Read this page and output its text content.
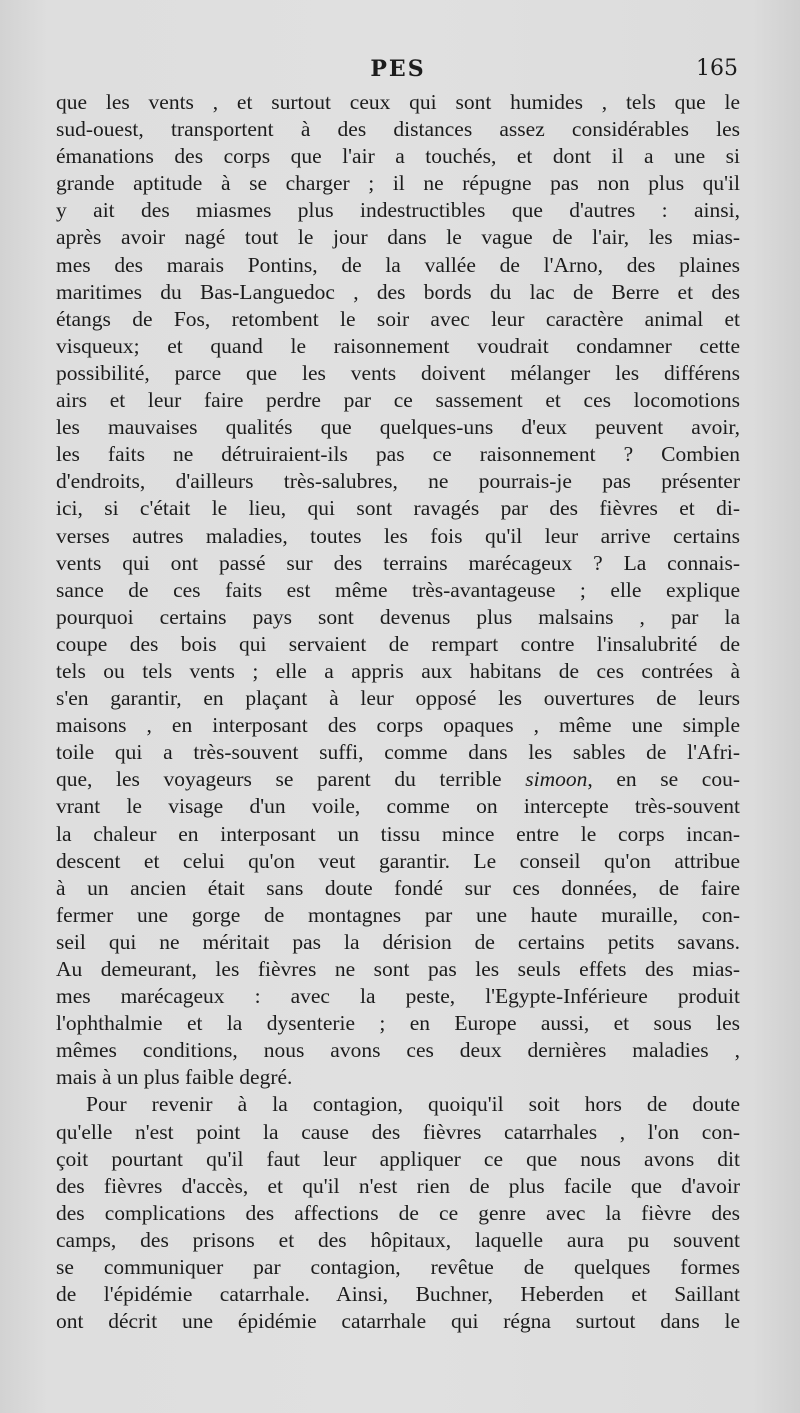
PES	165
que les vents , et surtout ceux qui sont humides , tels que le
sud-ouest, transportent à des distances assez considérables les
émanations des corps que l'air a touchés, et dont il a une si
grande aptitude à se charger ; il ne répugne pas non plus qu'il
y ait des miasmes plus indestructibles que d'autres : ainsi,
après avoir nagé tout le jour dans le vague de l'air, les mias-
mes des marais Pontins, de la vallée de l'Arno, des plaines
maritimes du Bas-Languedoc , des bords du lac de Berre et des
étangs de Fos, retombent le soir avec leur caractère animal et
visqueux; et quand le raisonnement voudrait condamner cette
possibilité, parce que les vents doivent mélanger les différens
airs et leur faire perdre par ce sassement et ces locomotions
les mauvaises qualités que quelques-uns d'eux peuvent avoir,
les faits ne détruiraient-ils pas ce raisonnement ? Combien
d'endroits, d'ailleurs très-salubres, ne pourrais-je pas présenter
ici, si c'était le lieu, qui sont ravagés par des fièvres et di-
verses autres maladies, toutes les fois qu'il leur arrive certains
vents qui ont passé sur des terrains marécageux ? La connais-
sance de ces faits est même très-avantageuse ; elle explique
pourquoi certains pays sont devenus plus malsains , par la
coupe des bois qui servaient de rempart contre l'insalubrité de
tels ou tels vents ; elle a appris aux habitans de ces contrées à
s'en garantir, en plaçant à leur opposé les ouvertures de leurs
maisons , en interposant des corps opaques , même une simple
toile qui a très-souvent suffi, comme dans les sables de l'Afri-
que, les voyageurs se parent du terrible simoon, en se cou-
vrant le visage d'un voile, comme on intercepte très-souvent
la chaleur en interposant un tissu mince entre le corps incan-
descent et celui qu'on veut garantir. Le conseil qu'on attribue
à un ancien était sans doute fondé sur ces données, de faire
fermer une gorge de montagnes par une haute muraille, con-
seil qui ne méritait pas la dérision de certains petits savans.
Au demeurant, les fièvres ne sont pas les seuls effets des mias-
mes marécageux : avec la peste, l'Egypte-Inférieure produit
l'ophthalmie et la dysenterie ; en Europe aussi, et sous les
mêmes conditions, nous avons ces deux dernières maladies ,
mais à un plus faible degré.
Pour revenir à la contagion, quoiqu'il soit hors de doute
qu'elle n'est point la cause des fièvres catarrhales , l'on con-
çoit pourtant qu'il faut leur appliquer ce que nous avons dit
des fièvres d'accès, et qu'il n'est rien de plus facile que d'avoir
des complications des affections de ce genre avec la fièvre des
camps, des prisons et des hôpitaux, laquelle aura pu souvent
se communiquer par contagion, revêtue de quelques formes
de l'épidémie catarrhale. Ainsi, Buchner, Heberden et Saillant
ont décrit une épidémie catarrhale qui régna surtout dans le
